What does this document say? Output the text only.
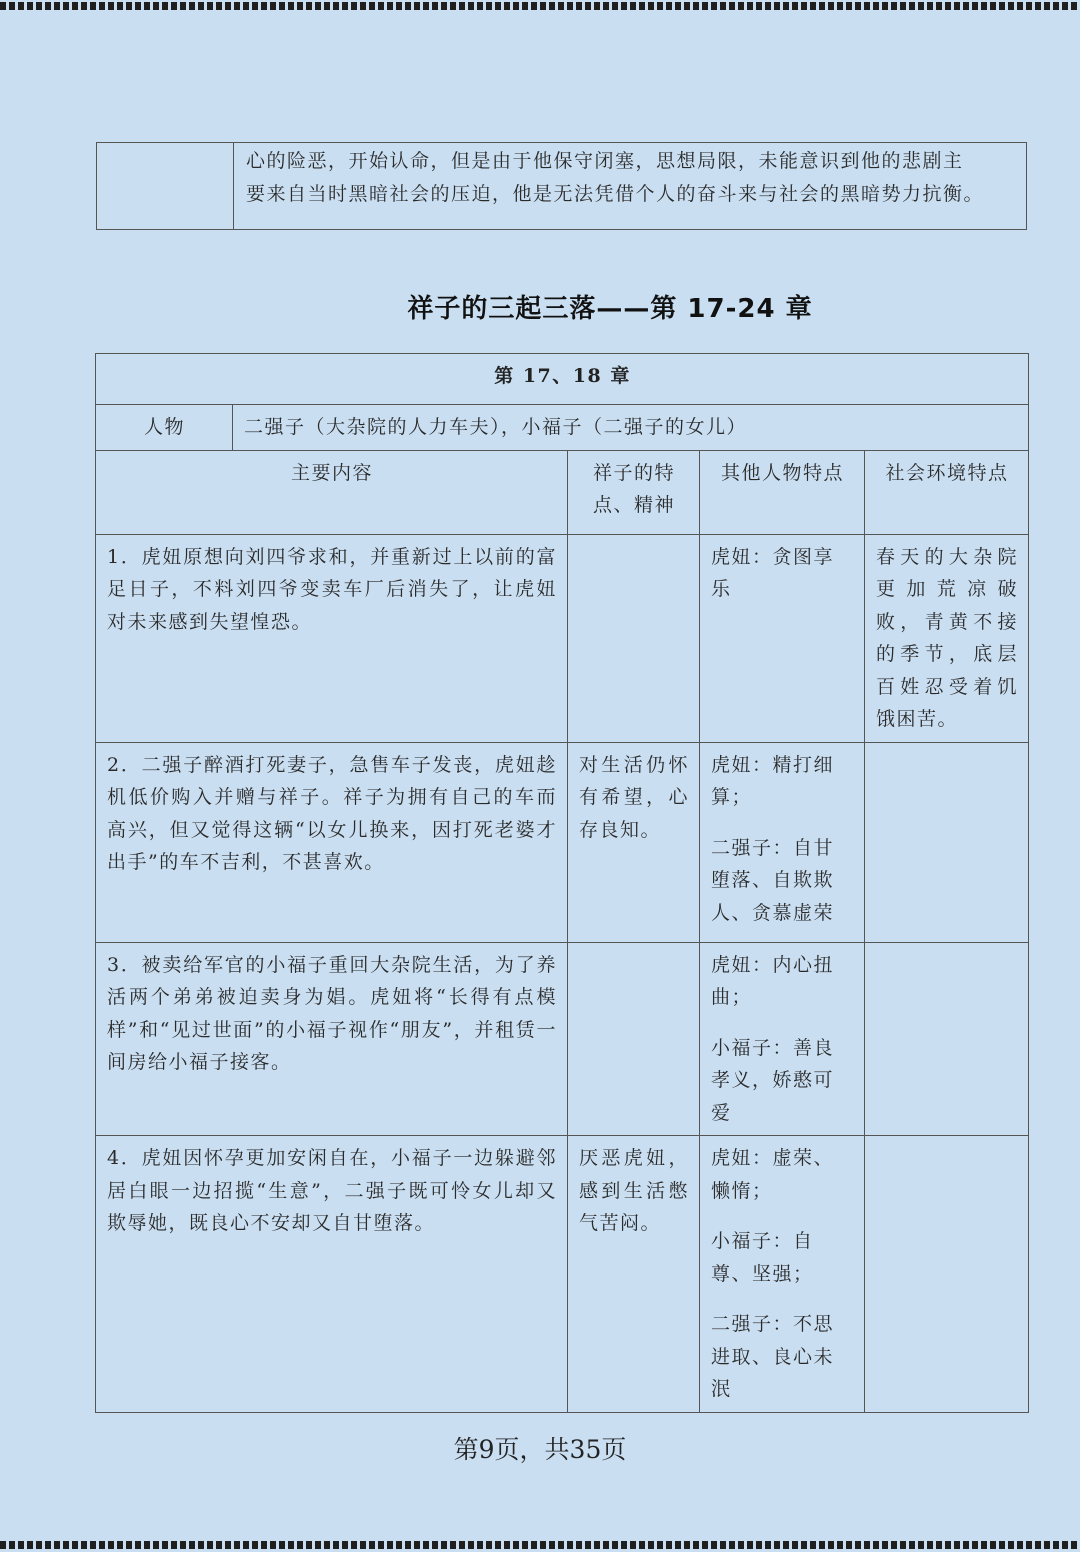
心的险恶，开始认命，但是由于他保守闭塞，思想局限，未能意识到他的悲剧主
要来自当时黑暗社会的压迫，他是无法凭借个人的奋斗来与社会的黑暗势力抗衡。
祥子的三起三落——第 17-24 章
第 17、18 章				
人物	二强子（大杂院的人力车夫），小福子（二强子的女儿）			
主要内容		祥子的特点、精神	其他人物特点	社会环境特点
1．虎妞原想向刘四爷求和，并重新过上以前的富足日子，不料刘四爷变卖车厂后消失了，让虎妞对未来感到失望惶恐。			虎妞：贪图享乐	春天的大杂院更加荒凉破败，青黄不接的季节，底层百姓忍受着饥饿困苦。
2．二强子醉酒打死妻子，急售车子发丧，虎妞趁机低价购入并赠与祥子。祥子为拥有自己的车而高兴，但又觉得这辆“以女儿换来，因打死老婆才出手”的车不吉利，不甚喜欢。		对生活仍怀有希望，心存良知。	虎妞：精打细算；
二强子：自甘堕落、自欺欺人、贪慕虚荣	

3．被卖给军官的小福子重回大杂院生活，为了养活两个弟弟被迫卖身为娼。虎妞将“长得有点模样”和“见过世面”的小福子视作“朋友”，并租赁一间房给小福子接客。			虎妞：内心扭曲；
小福子：善良孝义，娇憨可爱	

4．虎妞因怀孕更加安闲自在，小福子一边躲避邻居白眼一边招揽“生意”，二强子既可怜女儿却又欺辱她，既良心不安却又自甘堕落。		厌恶虎妞，感到生活憋气苦闷。	虎妞：虚荣、懒惰；
小福子：自尊、坚强；
二强子：不思进取、良心未泯	

第9页，共35页
